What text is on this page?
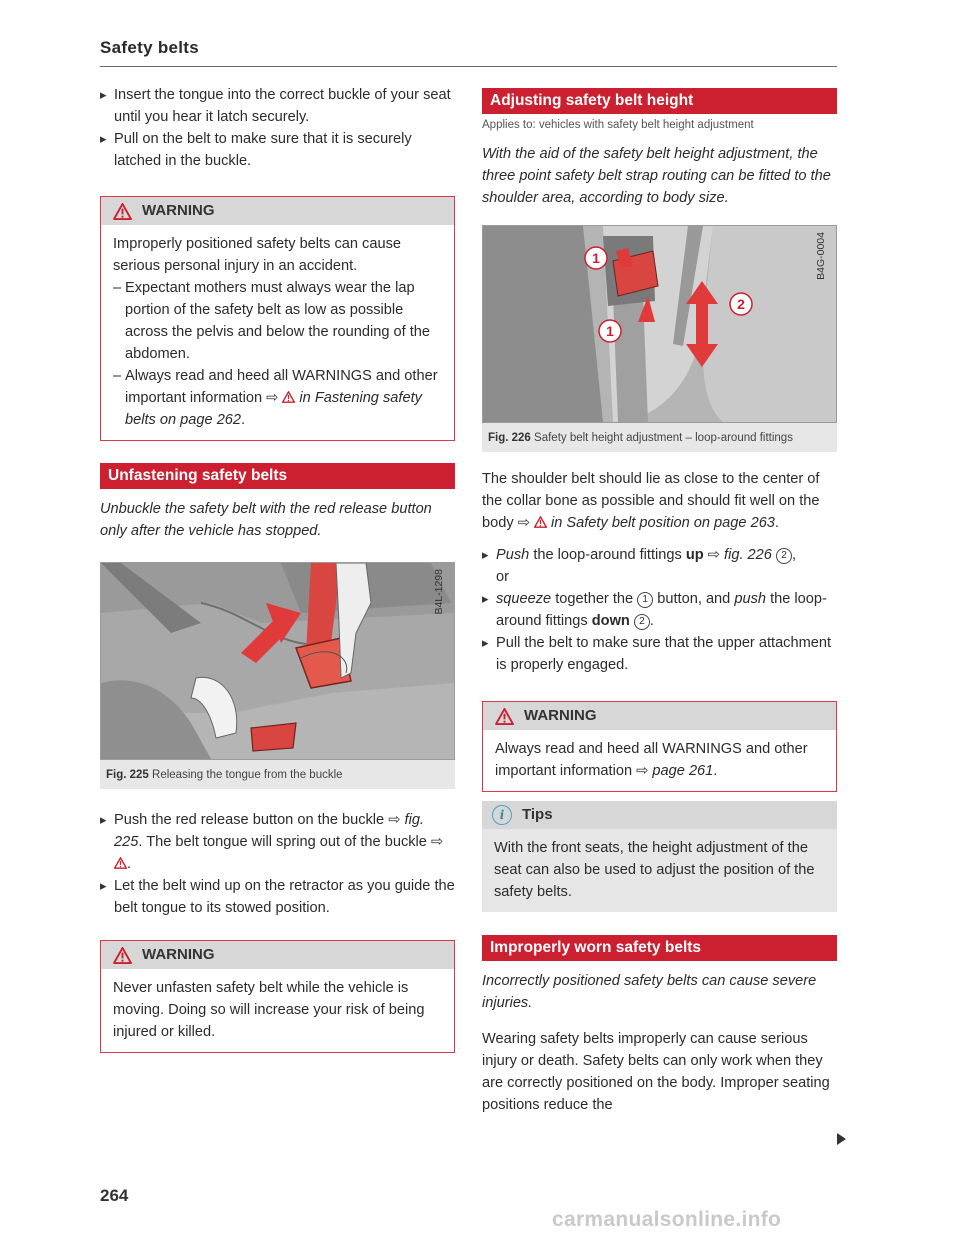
Safety belts

▸ Insert the tongue into the correct buckle of your seat until you hear it latch securely.

▸ Pull on the belt to make sure that it is securely latched in the buckle.

WARNING

Improperly positioned safety belts can cause serious personal injury in an accident.

– Expectant mothers must always wear the lap portion of the safety belt as low as possible across the pelvis and below the rounding of the abdomen.

– Always read and heed all WARNINGS and other important information ⇨ in Fastening safety belts on page 262.

Unfastening safety belts

Unbuckle the safety belt with the red release button only after the vehicle has stopped.

B4L-1298
Fig. 225 Releasing the tongue from the buckle

▸ Push the red release button on the buckle ⇨ fig. 225. The belt tongue will spring out of the buckle ⇨ .

▸ Let the belt wind up on the retractor as you guide the belt tongue to its stowed position.

WARNING

Never unfasten safety belt while the vehicle is moving. Doing so will increase your risk of being injured or killed.

Adjusting safety belt height

Applies to: vehicles with safety belt height adjustment

With the aid of the safety belt height adjustment, the three point safety belt strap routing can be fitted to the shoulder area, according to body size.

1
1
2
B4G-0004
Fig. 226 Safety belt height adjustment – loop-around fittings

The shoulder belt should lie as close to the center of the collar bone as possible and should fit well on the body ⇨ in Safety belt position on page 263.

▸ Push the loop-around fittings up ⇨ fig. 226 2 ,

or

▸ squeeze together the 1 button, and push the loop-around fittings down 2 .

▸ Pull the belt to make sure that the upper attachment is properly engaged.

WARNING

Always read and heed all WARNINGS and other important information ⇨ page 261.

i	Tips

With the front seats, the height adjustment of the seat can also be used to adjust the position of the safety belts.

Improperly worn safety belts

Incorrectly positioned safety belts can cause severe injuries.

Wearing safety belts improperly can cause serious injury or death. Safety belts can only work when they are correctly positioned on the body. Improper seating positions reduce the

264
carmanualsonline.info
